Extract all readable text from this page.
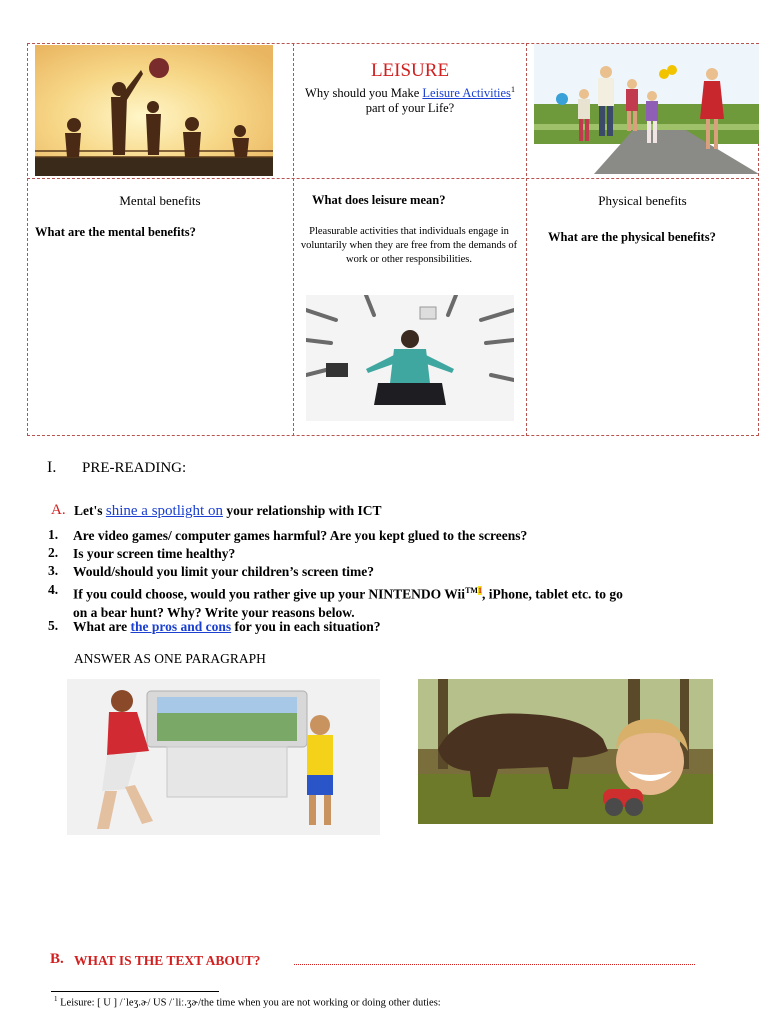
LEISURE
Why should you Make Leisure Activities$^1$
part of your Life?
Mental benefits
What are the mental benefits?
What does leisure mean?
Pleasurable activities that individuals engage in voluntarily when they are free from the demands of work or other responsibilities.
Physical benefits
What are the physical benefits?
I. PRE-READING:
A. Let's shine a spotlight on your relationship with ICT
1. Are video games/ computer games harmful? Are you kept glued to the screens?
2. Is your screen time healthy?
3. Would/should you limit your children’s screen time?
4. If you could choose, would you rather give up your NINTENDO Wii$^{TM1}$, iPhone, tablet etc. to go
on a bear hunt? Why? Write your reasons below.
5. What are the pros and cons for you in each situation?
ANSWER AS ONE PARAGRAPH
B. WHAT IS THE TEXT ABOUT?
$^1$ Leisure: [ U ] /ˈleʒ.ɚ/ US /ˈliː.ʒɚ/the time when you are not working or doing other duties:
